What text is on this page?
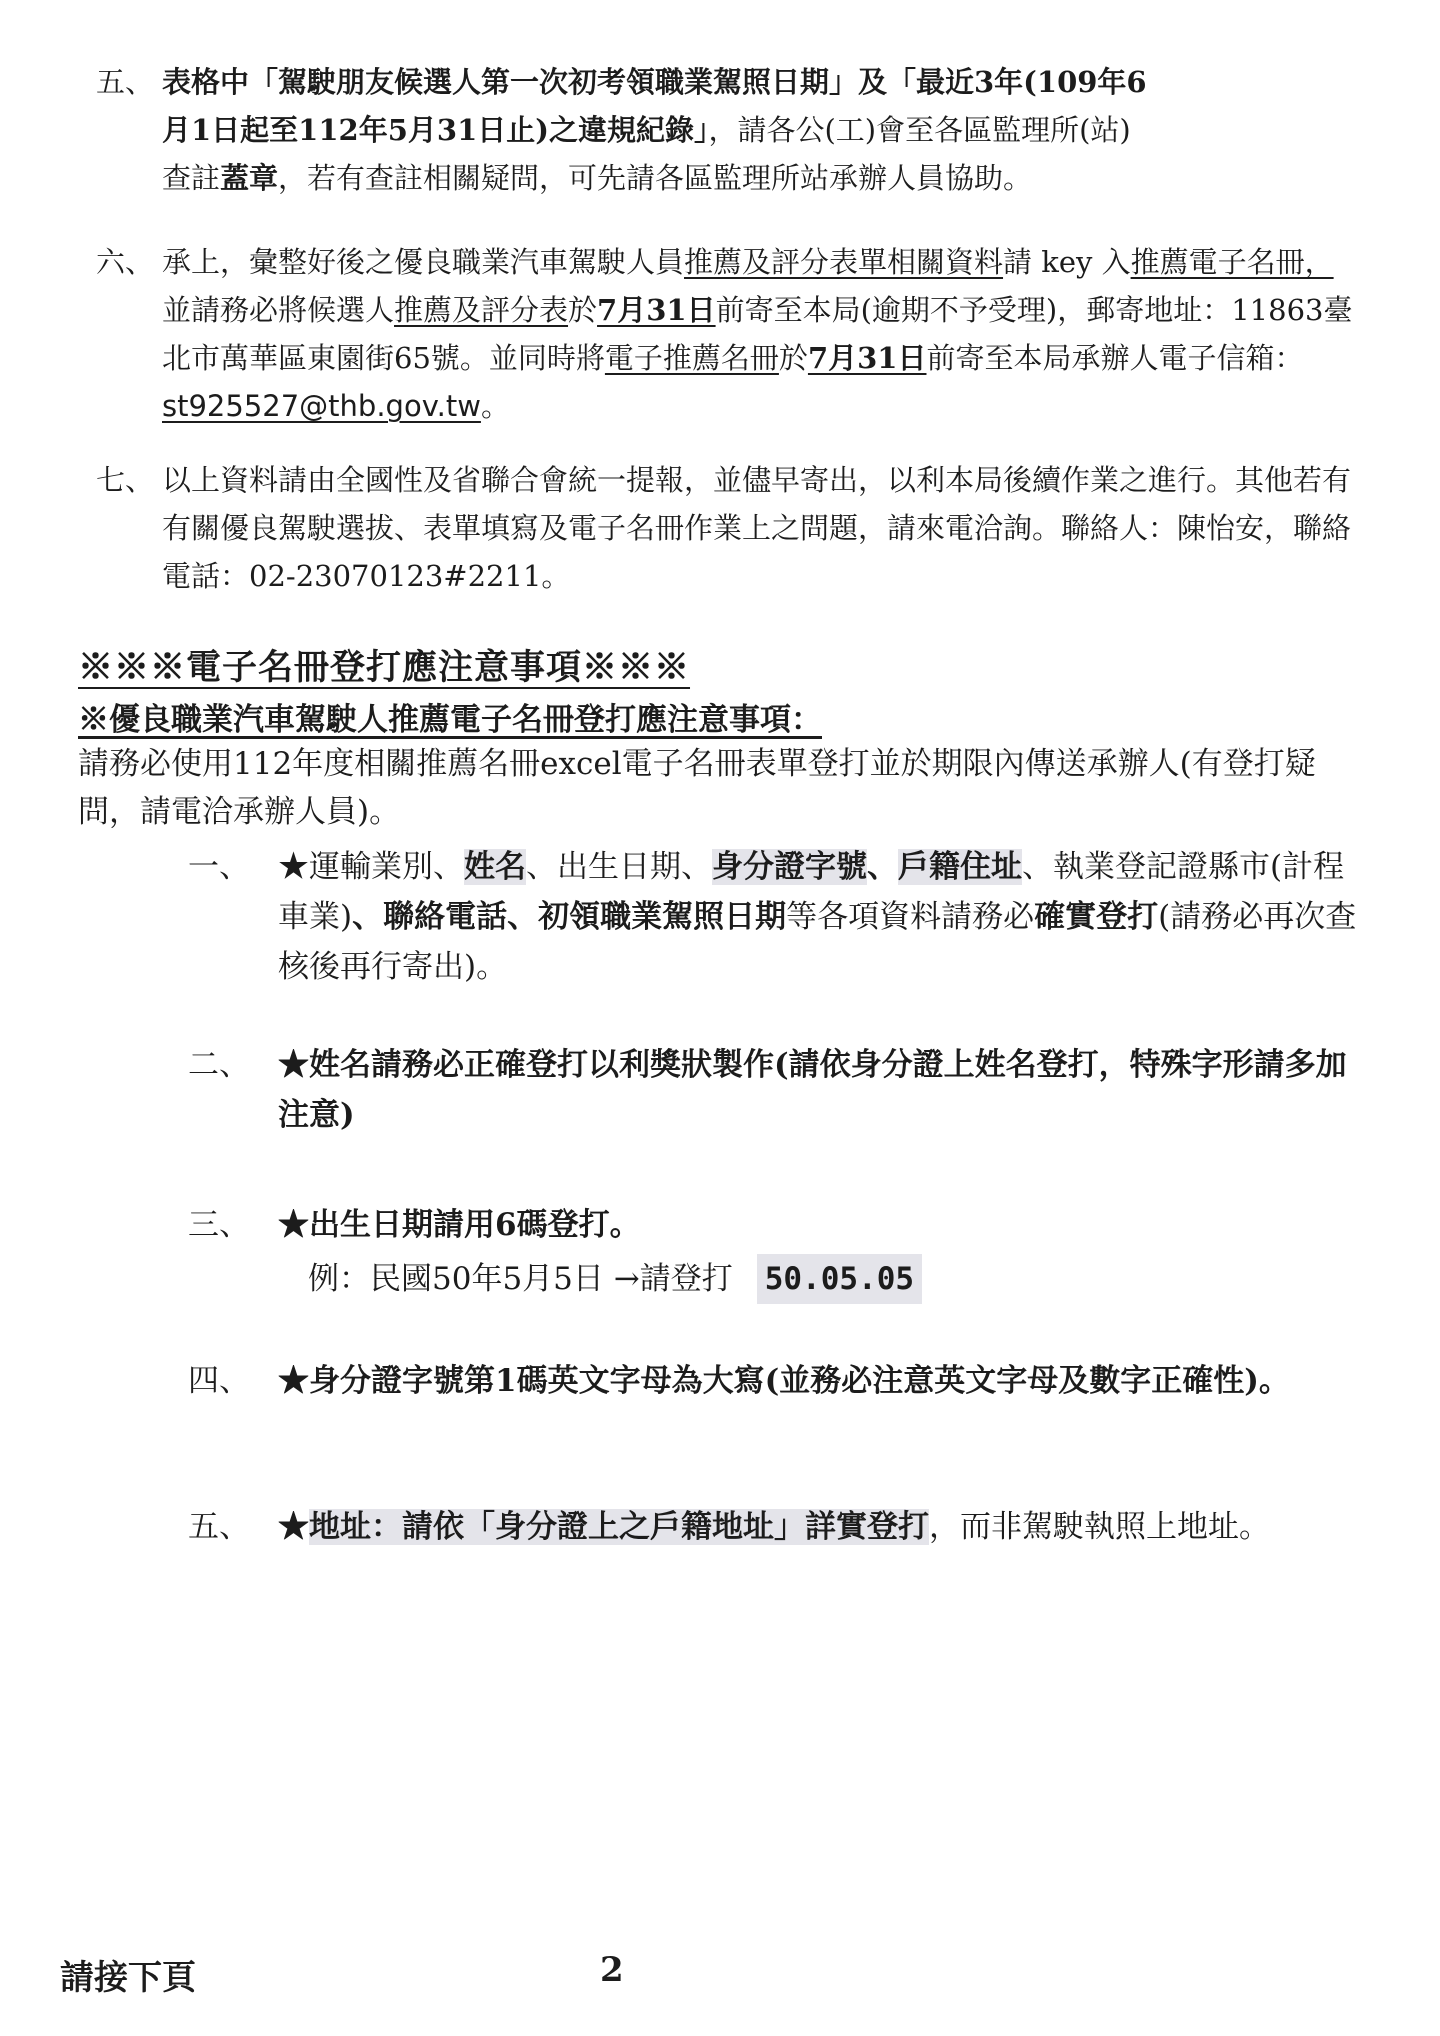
五、 表格中「駕駛朋友候選人第一次初考領職業駕照日期」及「最近3年(109年6
月1日起至112年5月31日止)之違規紀錄」，請各公(工)會至各區監理所(站)
查註蓋章，若有查註相關疑問，可先請各區監理所站承辦人員協助。
六、 承上，彙整好後之優良職業汽車駕駛人員推薦及評分表單相關資料請 key 入推薦電子名冊，並請務必將候選人推薦及評分表於7月31日前寄至本局(逾期不予受理)，郵寄地址：11863臺北市萬華區東園街65號。並同時將電子推薦名冊於7月31日前寄至本局承辦人電子信箱：st925527@thb.gov.tw。
七、 以上資料請由全國性及省聯合會統一提報，並儘早寄出，以利本局後續作業之進行。其他若有有關優良駕駛選拔、表單填寫及電子名冊作業上之問題，請來電洽詢。聯絡人：陳怡安，聯絡電話：02-23070123#2211。
※※※電子名冊登打應注意事項※※※
※優良職業汽車駕駛人推薦電子名冊登打應注意事項：
請務必使用112年度相關推薦名冊excel電子名冊表單登打並於期限內傳送承辦人(有登打疑問，請電洽承辦人員)。
一、 ★運輸業別、姓名、出生日期、身分證字號、戶籍住址、執業登記證縣市(計程車業)、聯絡電話、初領職業駕照日期等各項資料請務必確實登打(請務必再次查核後再行寄出)。
二、 ★姓名請務必正確登打以利獎狀製作(請依身分證上姓名登打，特殊字形請多加注意)
三、 ★出生日期請用6碼登打。
例：民國50年5月5日 →請登打 50.05.05
四、 ★身分證字號第1碼英文字母為大寫(並務必注意英文字母及數字正確性)。
五、 ★地址：請依「身分證上之戶籍地址」詳實登打，而非駕駛執照上地址。
請接下頁	2
